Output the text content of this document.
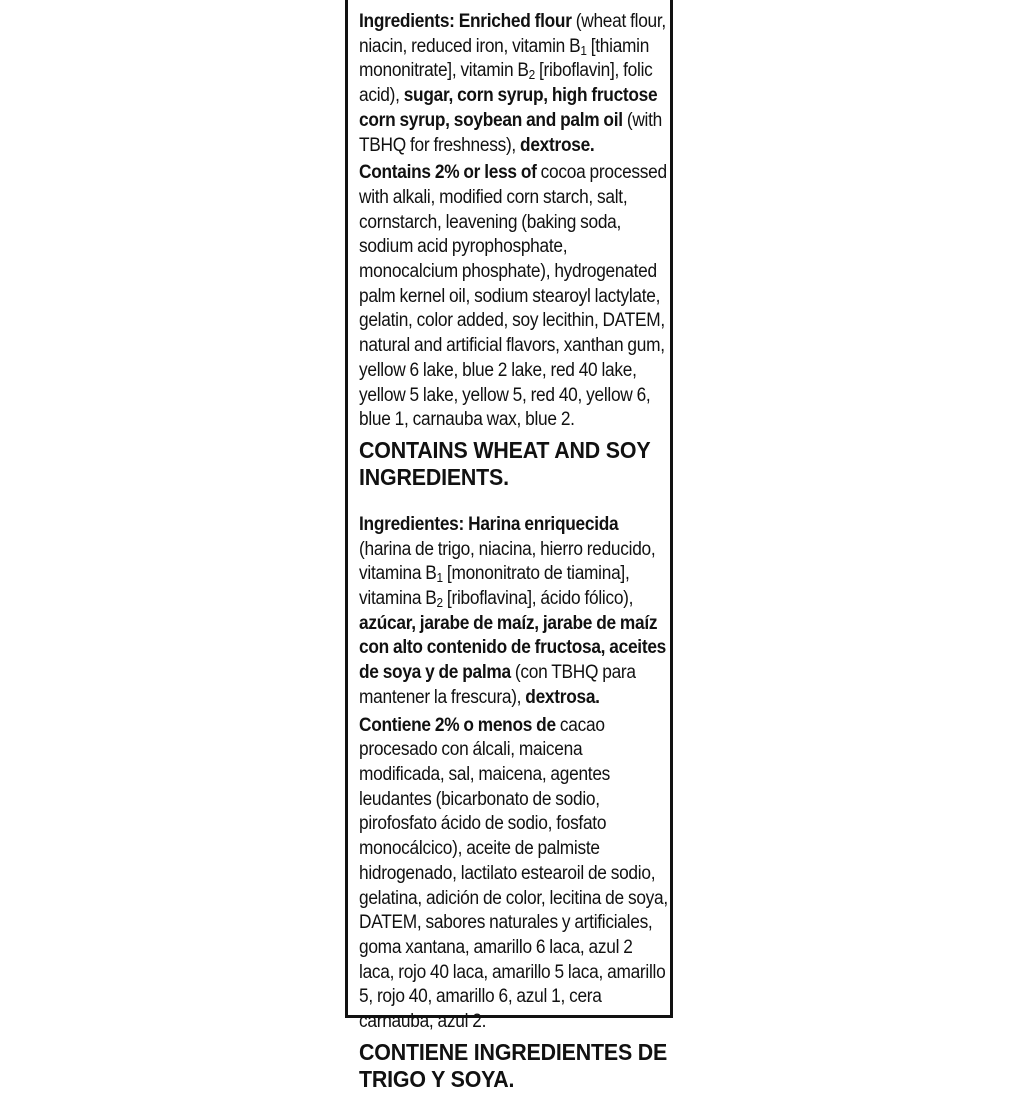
Ingredients: Enriched flour (wheat flour, niacin, reduced iron, vitamin $B_1$ [thiamin mononitrate], vitamin $B_2$ [riboflavin], folic acid), sugar, corn syrup, high fructose corn syrup, soybean and palm oil (with TBHQ for freshness), dextrose.

Contains 2% or less of cocoa processed with alkali, modified corn starch, salt, cornstarch, leavening (baking soda, sodium acid pyrophosphate, monocalcium phosphate), hydrogenated palm kernel oil, sodium stearoyl lactylate, gelatin, color added, soy lecithin, DATEM, natural and artificial flavors, xanthan gum, yellow 6 lake, blue 2 lake, red 40 lake, yellow 5 lake, yellow 5, red 40, yellow 6, blue 1, carnauba wax, blue 2.

CONTAINS WHEAT AND SOY INGREDIENTS.

Ingredientes: Harina enriquecida (harina de trigo, niacina, hierro reducido, vitamina $B_1$ [mononitrato de tiamina], vitamina $B_2$ [riboflavina], ácido fólico), azúcar, jarabe de maíz, jarabe de maíz con alto contenido de fructosa, aceites de soya y de palma (con TBHQ para mantener la frescura), dextrosa.

Contiene 2% o menos de cacao procesado con álcali, maicena modificada, sal, maicena, agentes leudantes (bicarbonato de sodio, pirofosfato ácido de sodio, fosfato monocálcico), aceite de palmiste hidrogenado, lactilato estearoil de sodio, gelatina, adición de color, lecitina de soya, DATEM, sabores naturales y artificiales, goma xantana, amarillo 6 laca, azul 2 laca, rojo 40 laca, amarillo 5 laca, amarillo 5, rojo 40, amarillo 6, azul 1, cera carnauba, azul 2.

CONTIENE INGREDIENTES DE TRIGO Y SOYA.
